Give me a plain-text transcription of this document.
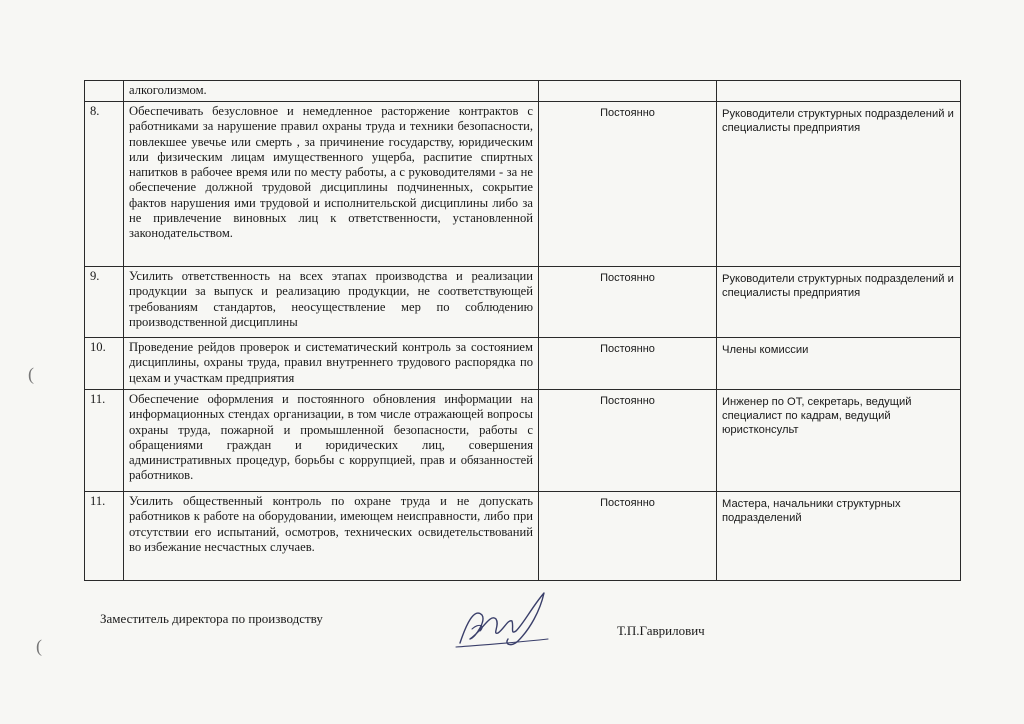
	алкоголизмом.		
8.	Обеспечивать безусловное и немедленное расторжение контрактов с работниками за нарушение правил охраны труда и техники безопасности, повлекшее увечье или смерть , за причинение государству, юридическим или физическим лицам имущественного ущерба, распитие спиртных напитков в рабочее время или по месту работы, а с руководителями - за не обеспечение должной трудовой дисциплины подчиненных, сокрытие фактов нарушения ими трудовой и исполнительской дисциплины либо за не привлечение виновных лиц к ответственности, установленной законодательством.	Постоянно	Руководители структурных подразделений и специалисты предприятия
9.	Усилить ответственность на всех этапах производства и реализации продукции за выпуск и реализацию продукции, не соответствующей требованиям стандартов, неосуществление мер по соблюдению производственной дисциплины	Постоянно	Руководители структурных подразделений и специалисты предприятия
10.	Проведение рейдов проверок и систематический контроль за состоянием дисциплины, охраны труда, правил внутреннего трудового распорядка по цехам и участкам предприятия	Постоянно	Члены комиссии
11.	Обеспечение оформления и постоянного обновления информации на информационных стендах организации, в том числе отражающей вопросы охраны труда, пожарной и промышленной безопасности, работы с обращениями граждан и юридических лиц, совершения административных процедур, борьбы с коррупцией, прав и обязанностей работников.	Постоянно	Инженер по ОТ, секретарь, ведущий специалист по кадрам, ведущий юристконсульт
11.	Усилить общественный контроль по охране труда и не допускать работников к работе на оборудовании, имеющем неисправности, либо при отсутствии его испытаний, осмотров, технических освидетельствований во избежание несчастных случаев.	Постоянно	Мастера, начальники структурных подразделений
Заместитель директора по производству
Т.П.Гаврилович
(
(
